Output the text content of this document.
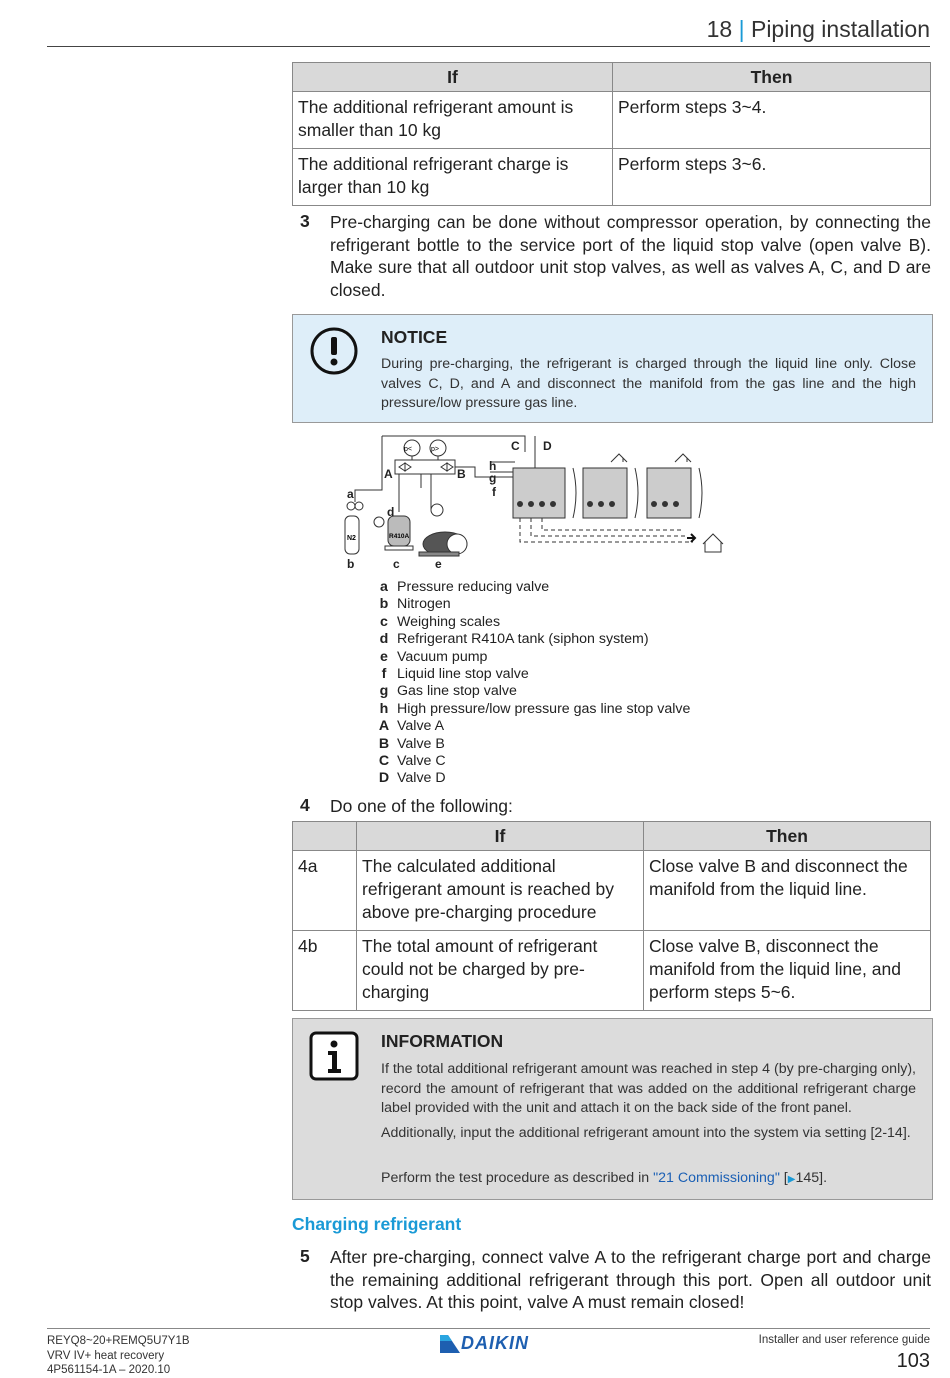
18 | Piping installation
If	Then
The additional refrigerant amount is smaller than 10 kg	Perform steps 3~4.
The additional refrigerant charge is larger than 10 kg	Perform steps 3~6.
3 Pre-charging can be done without compressor operation, by connecting the refrigerant bottle to the service port of the liquid stop valve (open valve B). Make sure that all outdoor unit stop valves, as well as valves A, C, and D are closed.
NOTICE
During pre-charging, the refrigerant is charged through the liquid line only. Close valves C, D, and A and disconnect the manifold from the gas line and the high pressure/low pressure gas line.
p<	p>
N2	R410A
a
b	c
d
e
f
g
h
A	B
C D
a Pressure reducing valve
b Nitrogen
c Weighing scales
d Refrigerant R410A tank (siphon system)
e Vacuum pump
f Liquid line stop valve
g Gas line stop valve
h High pressure/low pressure gas line stop valve
A Valve A
B Valve B
C Valve C
D Valve D
4 Do one of the following:
	If	Then
4a	The calculated additional refrigerant amount is reached by above pre-charging procedure	Close valve B and disconnect the manifold from the liquid line.
4b	The total amount of refrigerant could not be charged by pre-charging	Close valve B, disconnect the manifold from the liquid line, and perform steps 5~6.
INFORMATION
If the total additional refrigerant amount was reached in step 4 (by pre-charging only), record the amount of refrigerant that was added on the additional refrigerant charge label provided with the unit and attach it on the back side of the front panel.
Additionally, input the additional refrigerant amount into the system via setting [2-14].
Perform the test procedure as described in "21 Commissioning" [▶145].
Charging refrigerant
5 After pre-charging, connect valve A to the refrigerant charge port and charge the remaining additional refrigerant through this port. Open all outdoor unit stop valves. At this point, valve A must remain closed!
REYQ8~20+REMQ5U7Y1B
VRV IV+ heat recovery
4P561154-1A – 2020.10
DAIKIN	Installer and user reference guide
103
